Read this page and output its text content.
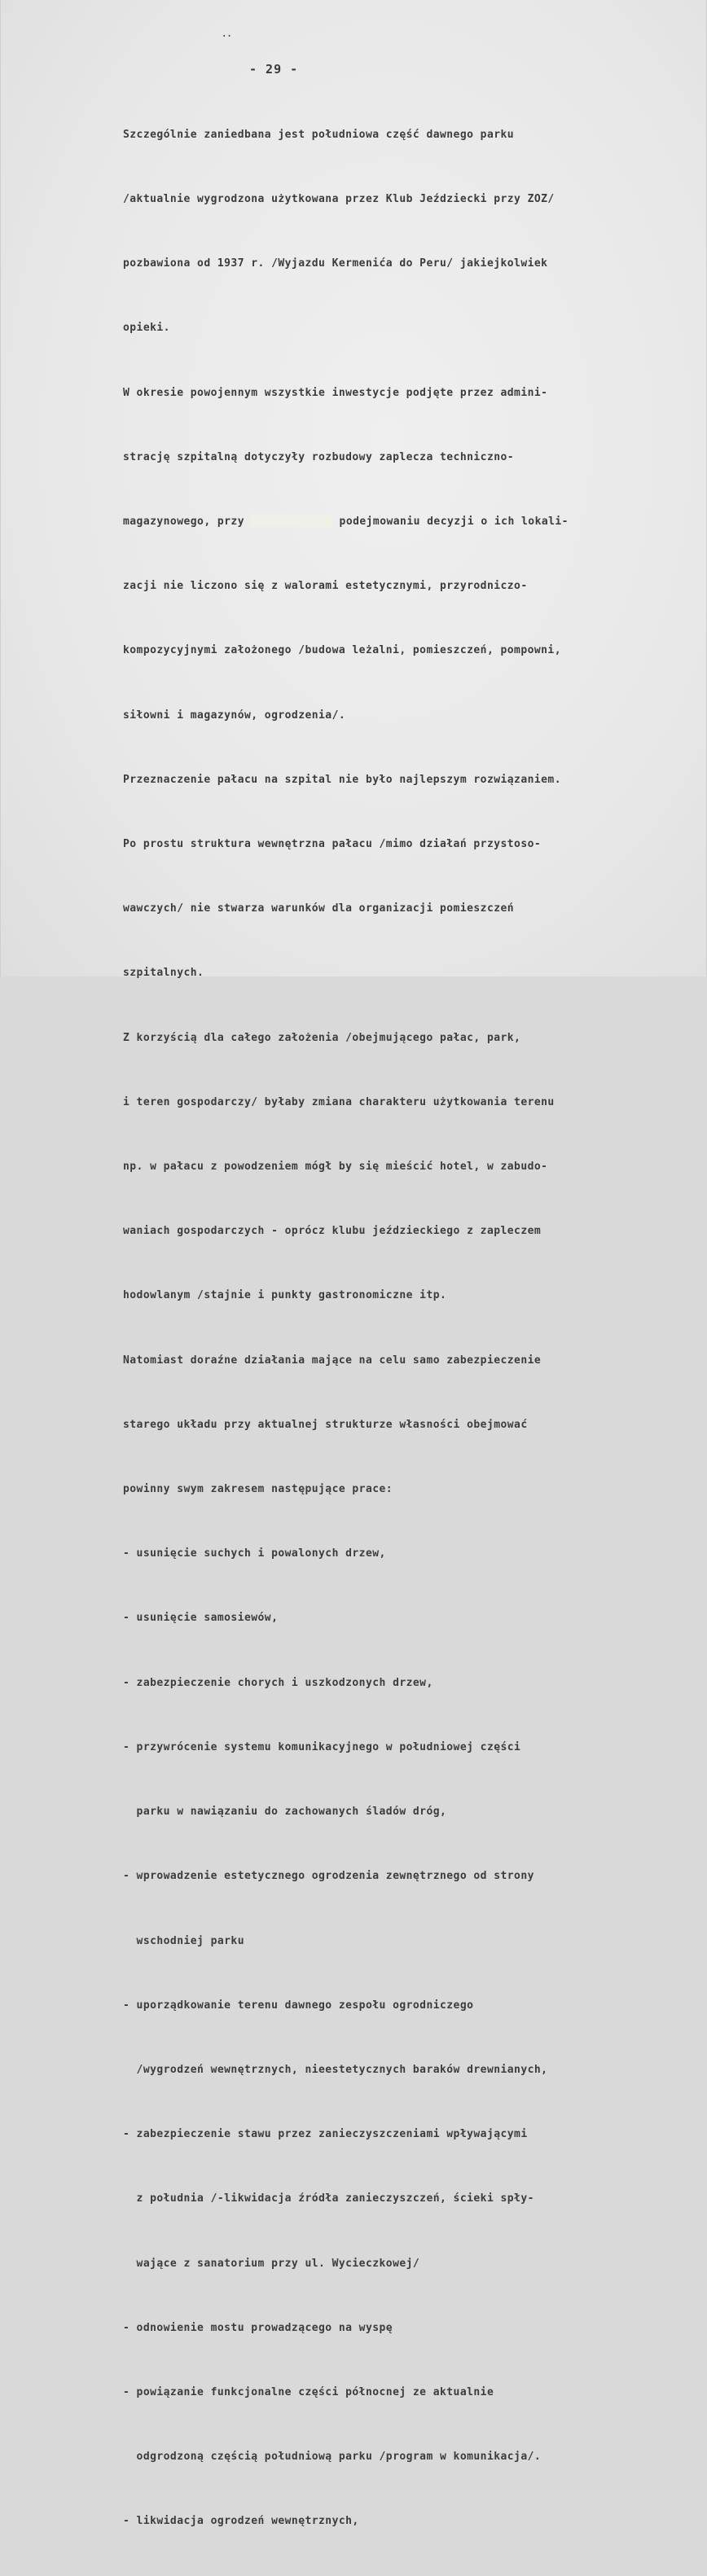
..
- 29 -

Szczególnie zaniedbana jest południowa część dawnego parku

/aktualnie wygrodzona użytkowana przez Klub Jeździecki przy ZOZ/

pozbawiona od 1937 r. /Wyjazdu Kermenića do Peru/ jakiejkolwiek

opieki.

W okresie powojennym wszystkie inwestycje podjęte przez admini-

strację szpitalną dotyczyły rozbudowy zaplecza techniczno-

magazynowego, przy	podejmowaniu decyzji o ich lokali-

zacji nie liczono się z walorami estetycznymi, przyrodniczo-

kompozycyjnymi założonego /budowa leżalni, pomieszczeń, pompowni,

siłowni i magazynów, ogrodzenia/.

Przeznaczenie pałacu na szpital nie było najlepszym rozwiązaniem.

Po prostu struktura wewnętrzna pałacu /mimo działań przystoso-

wawczych/ nie stwarza warunków dla organizacji pomieszczeń

szpitalnych.

Z korzyścią dla całego założenia /obejmującego pałac, park,

i teren gospodarczy/ byłaby zmiana charakteru użytkowania terenu

np. w pałacu z powodzeniem mógł by się mieścić hotel, w zabudo-

waniach gospodarczych - oprócz klubu jeździeckiego z zapleczem

hodowlanym /stajnie i punkty gastronomiczne itp.

Natomiast doraźne działania mające na celu samo zabezpieczenie

starego układu przy aktualnej strukturze własności obejmować

powinny swym zakresem następujące prace:

- usunięcie suchych i powalonych drzew,

- usunięcie samosiewów,

- zabezpieczenie chorych i uszkodzonych drzew,

- przywrócenie systemu komunikacyjnego w południowej części

parku w nawiązaniu do zachowanych śladów dróg,

- wprowadzenie estetycznego ogrodzenia zewnętrznego od strony

wschodniej parku

- uporządkowanie terenu dawnego zespołu ogrodniczego

/wygrodzeń wewnętrznych, nieestetycznych baraków drewnianych,

- zabezpieczenie stawu przez zanieczyszczeniami wpływającymi

z południa /-likwidacja źródła zanieczyszczeń, ścieki spły-

wające z sanatorium przy ul. Wycieczkowej/

- odnowienie mostu prowadzącego na wyspę

- powiązanie funkcjonalne części północnej ze aktualnie

odgrodzoną częścią południową parku /program w komunikacja/.

- likwidacja ogrodzeń wewnętrznych,
